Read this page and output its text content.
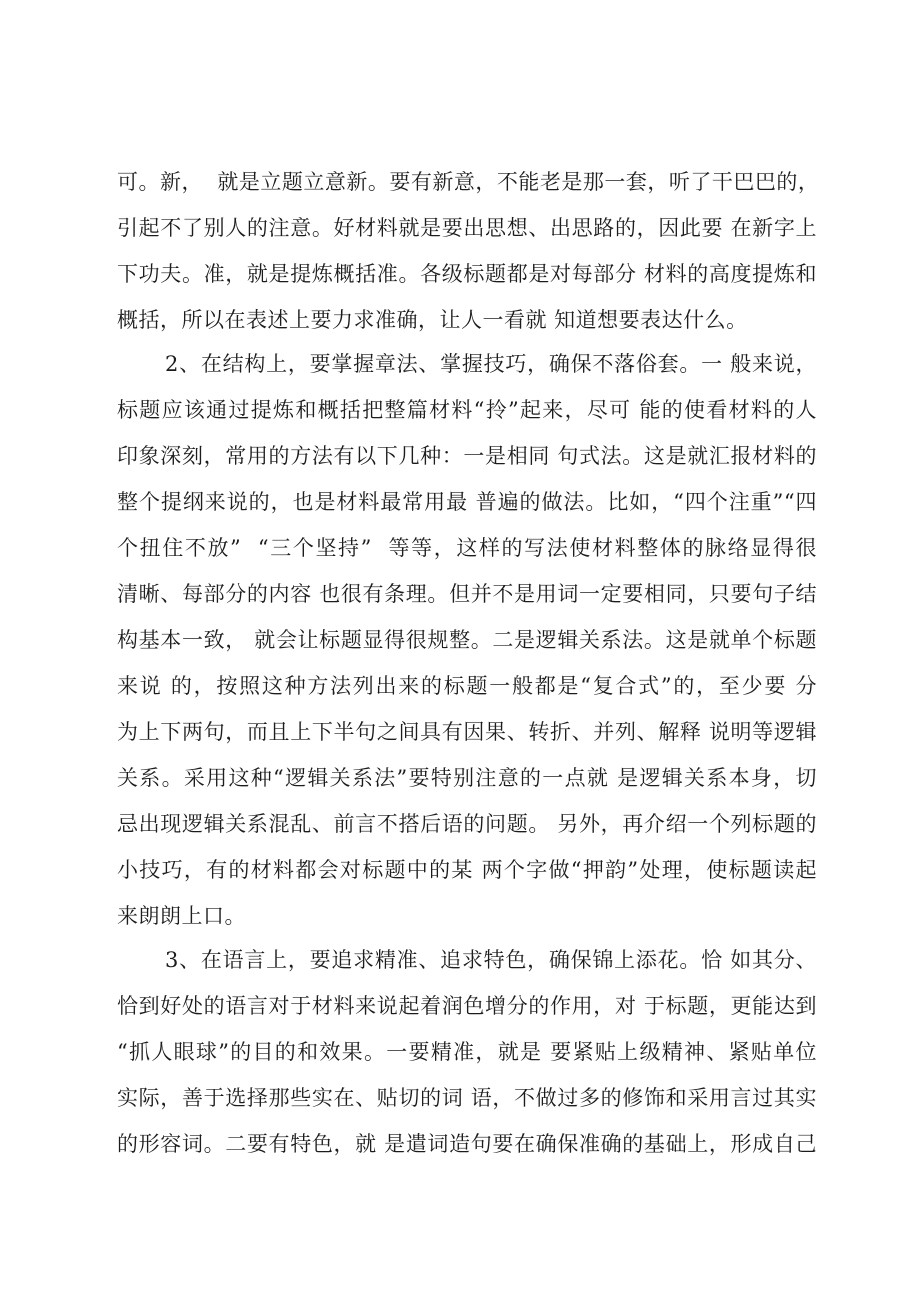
可。新，  就是立题立意新。要有新意，不能老是那一套，听了干巴巴的，
引起不了别人的注意。好材料就是要出思想、出思路的，因此要 在新字上
下功夫。准，就是提炼概括准。各级标题都是对每部分 材料的高度提炼和
概括，所以在表述上要力求准确，让人一看就 知道想要表达什么。
2、在结构上，要掌握章法、掌握技巧，确保不落俗套。一 般来说，
标题应该通过提炼和概括把整篇材料“拎”起来，尽可 能的使看材料的人
印象深刻，常用的方法有以下几种：一是相同 句式法。这是就汇报材料的
整个提纲来说的，也是材料最常用最 普遍的做法。比如，“四个注重”“四
个扭住不放”  “三个坚持”  等等，这样的写法使材料整体的脉络显得很
清晰、每部分的内容 也很有条理。但并不是用词一定要相同，只要句子结
构基本一致， 就会让标题显得很规整。二是逻辑关系法。这是就单个标题
来说 的，按照这种方法列出来的标题一般都是“复合式”的，至少要 分
为上下两句，而且上下半句之间具有因果、转折、并列、解释 说明等逻辑
关系。采用这种“逻辑关系法”要特别注意的一点就 是逻辑关系本身，切
忌出现逻辑关系混乱、前言不搭后语的问题。 另外，再介绍一个列标题的
小技巧，有的材料都会对标题中的某 两个字做“押韵”处理，使标题读起
来朗朗上口。
3、在语言上，要追求精准、追求特色，确保锦上添花。恰 如其分、
恰到好处的语言对于材料来说起着润色增分的作用，对 于标题，更能达到
“抓人眼球”的目的和效果。一要精准，就是 要紧贴上级精神、紧贴单位
实际，善于选择那些实在、贴切的词 语，不做过多的修饰和采用言过其实
的形容词。二要有特色，就 是遣词造句要在确保准确的基础上，形成自己
